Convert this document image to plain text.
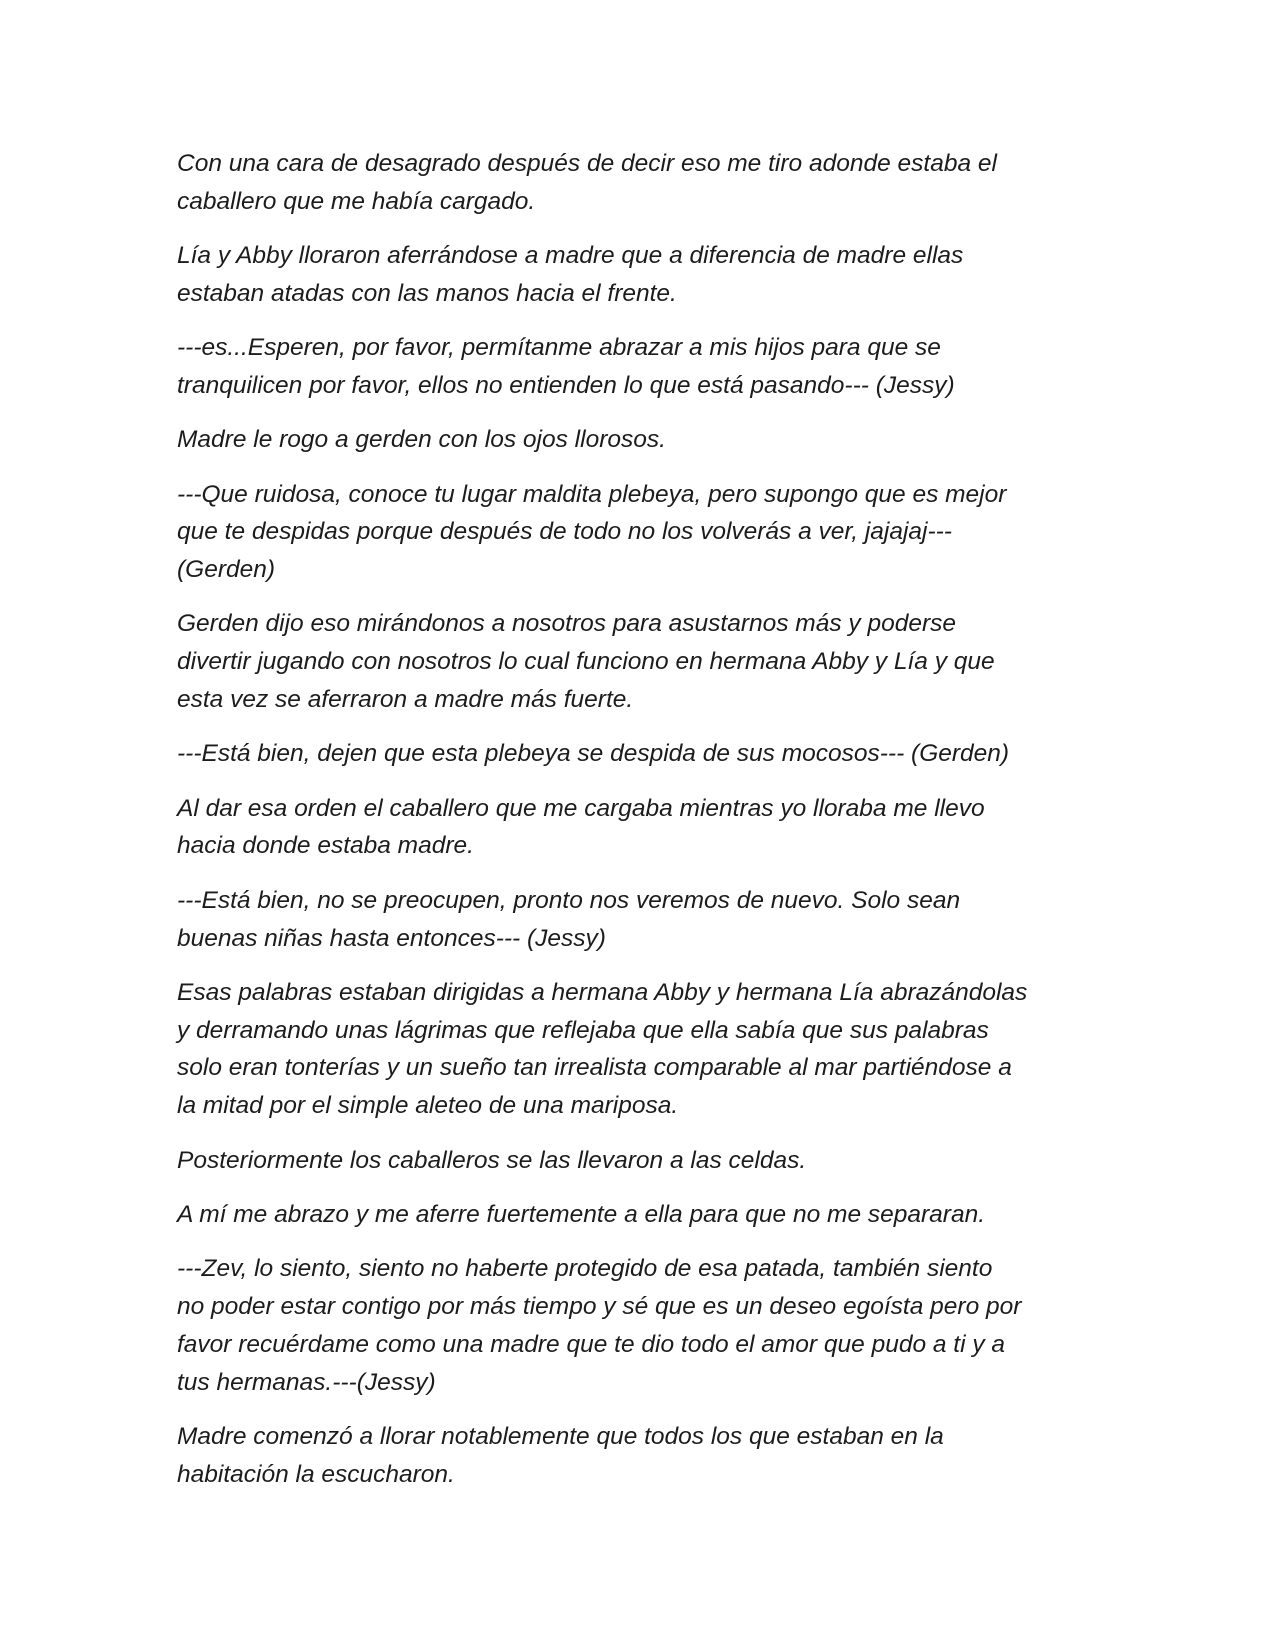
Con una cara de desagrado después de decir eso me tiro adonde estaba el
caballero que me había cargado.

Lía y Abby lloraron aferrándose a madre que a diferencia de madre ellas
estaban atadas con las manos hacia el frente.

---es...Esperen, por favor, permítanme abrazar a mis hijos para que se
tranquilicen por favor, ellos no entienden lo que está pasando--- (Jessy)

Madre le rogo a gerden con los ojos llorosos.

---Que ruidosa, conoce tu lugar maldita plebeya, pero supongo que es mejor
que te despidas porque después de todo no los volverás a ver, jajajaj---
(Gerden)

Gerden dijo eso mirándonos a nosotros para asustarnos más y poderse
divertir jugando con nosotros lo cual funciono en hermana Abby y Lía y que
esta vez se aferraron a madre más fuerte.

---Está bien, dejen que esta plebeya se despida de sus mocosos--- (Gerden)

Al dar esa orden el caballero que me cargaba mientras yo lloraba me llevo
hacia donde estaba madre.

---Está bien, no se preocupen, pronto nos veremos de nuevo. Solo sean
buenas niñas hasta entonces--- (Jessy)

Esas palabras estaban dirigidas a hermana Abby y hermana Lía abrazándolas
y derramando unas lágrimas que reflejaba que ella sabía que sus palabras
solo eran tonterías y un sueño tan irrealista comparable al mar partiéndose a
la mitad por el simple aleteo de una mariposa.

Posteriormente los caballeros se las llevaron a las celdas.

A mí me abrazo y me aferre fuertemente a ella para que no me separaran.

---Zev, lo siento, siento no haberte protegido de esa patada, también siento
no poder estar contigo por más tiempo y sé que es un deseo egoísta pero por
favor recuérdame como una madre que te dio todo el amor que pudo a ti y a
tus hermanas.---(Jessy)

Madre comenzó a llorar notablemente que todos los que estaban en la
habitación la escucharon.
